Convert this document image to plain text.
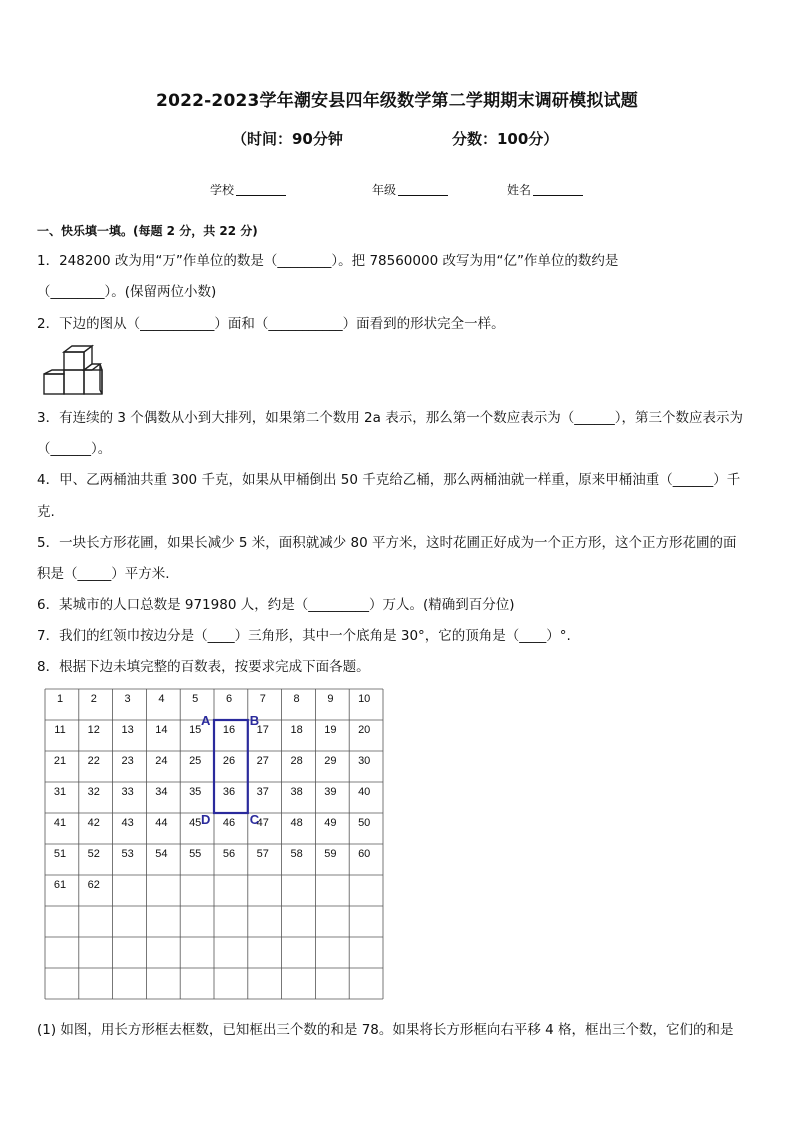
2022-2023学年潮安县四年级数学第二学期期末调研模拟试题
（时间：90分钟	分数：100分）
学校	年级	姓名
一、快乐填一填。(每题 2 分，共 22 分)
1．248200 改为用“万”作单位的数是（________）。把 78560000 改写为用“亿”作单位的数约是
（________）。(保留两位小数)
2．下边的图从（___________）面和（___________）面看到的形状完全一样。
3．有连续的 3 个偶数从小到大排列，如果第二个数用 2a 表示，那么第一个数应表示为（______），第三个数应表示为
（______）。
4．甲、乙两桶油共重 300 千克，如果从甲桶倒出 50 千克给乙桶，那么两桶油就一样重，原来甲桶油重（______）千
克.
5．一块长方形花圃，如果长减少 5 米，面积就减少 80 平方米，这时花圃正好成为一个正方形，这个正方形花圃的面
积是（_____）平方米.
6．某城市的人口总数是 971980 人，约是（_________）万人。(精确到百分位)
7．我们的红领巾按边分是（____）三角形，其中一个底角是 30°，它的顶角是（____）°.
8．根据下边未填完整的百数表，按要求完成下面各题。
1	2	3	4	5	6	7	8	9 10
11 12 13 14 15 16 17 18 19 20
21 22 23 24 25 26 27 28 29 30
31 32 33 34 35 36 37 38 39 40
41 42 43 44 45 46 47 48 49 50
51 52 53 54 55 56 57 58 59 60
61 62
A	B
C
D
(1) 如图，用长方形框去框数，已知框出三个数的和是 78。如果将长方形框向右平移 4 格，框出三个数，它们的和是
